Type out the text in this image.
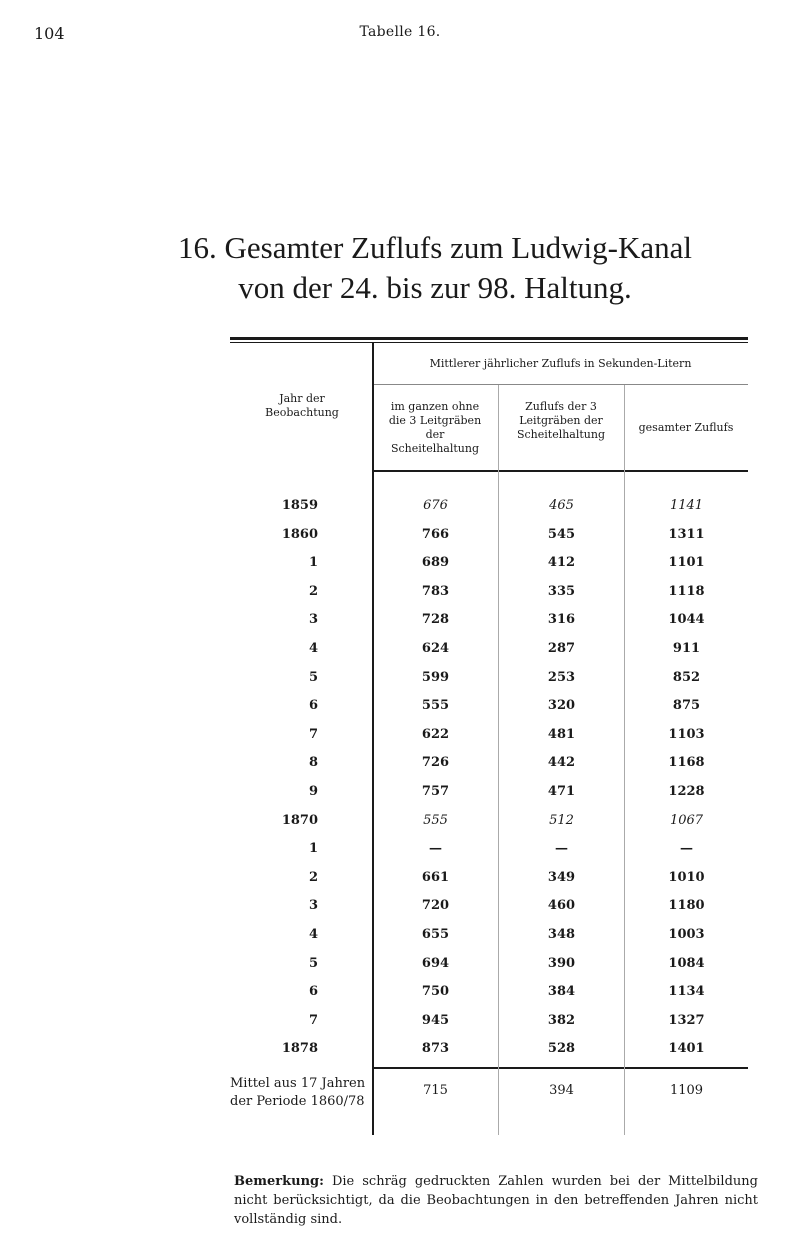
104	Tabelle 16.
16. Gesamter Zuflufs zum Ludwig-Kanal
von der 24. bis zur 98. Haltung.
Jahr der Beobachtung
Mittlerer jährlicher Zuflufs in Sekunden-Litern
im ganzen ohne die 3 Leitgräben der Scheitelhaltung
Zuflufs der 3 Leitgräben der Scheitelhaltung
gesamter Zuflufs
1859	676	465	1141
1860	766	545	1311
1	689	412	1101
2	783	335	1118
3	728	316	1044
4	624	287	911
5	599	253	852
6	555	320	875
7	622	481	1103
8	726	442	1168
9	757	471	1228
1870	555	512	1067
1	—	—	—
2	661	349	1010
3	720	460	1180
4	655	348	1003
5	694	390	1084
6	750	384	1134
7	945	382	1327
1878	873	528	1401
Mittel aus 17 Jahren
der Periode 1860/78
715	394	1109
Bemerkung: Die schräg gedruckten Zahlen wurden bei der Mittelbildung nicht berücksichtigt, da die Beobachtungen in den betreffenden Jahren nicht vollständig sind.
